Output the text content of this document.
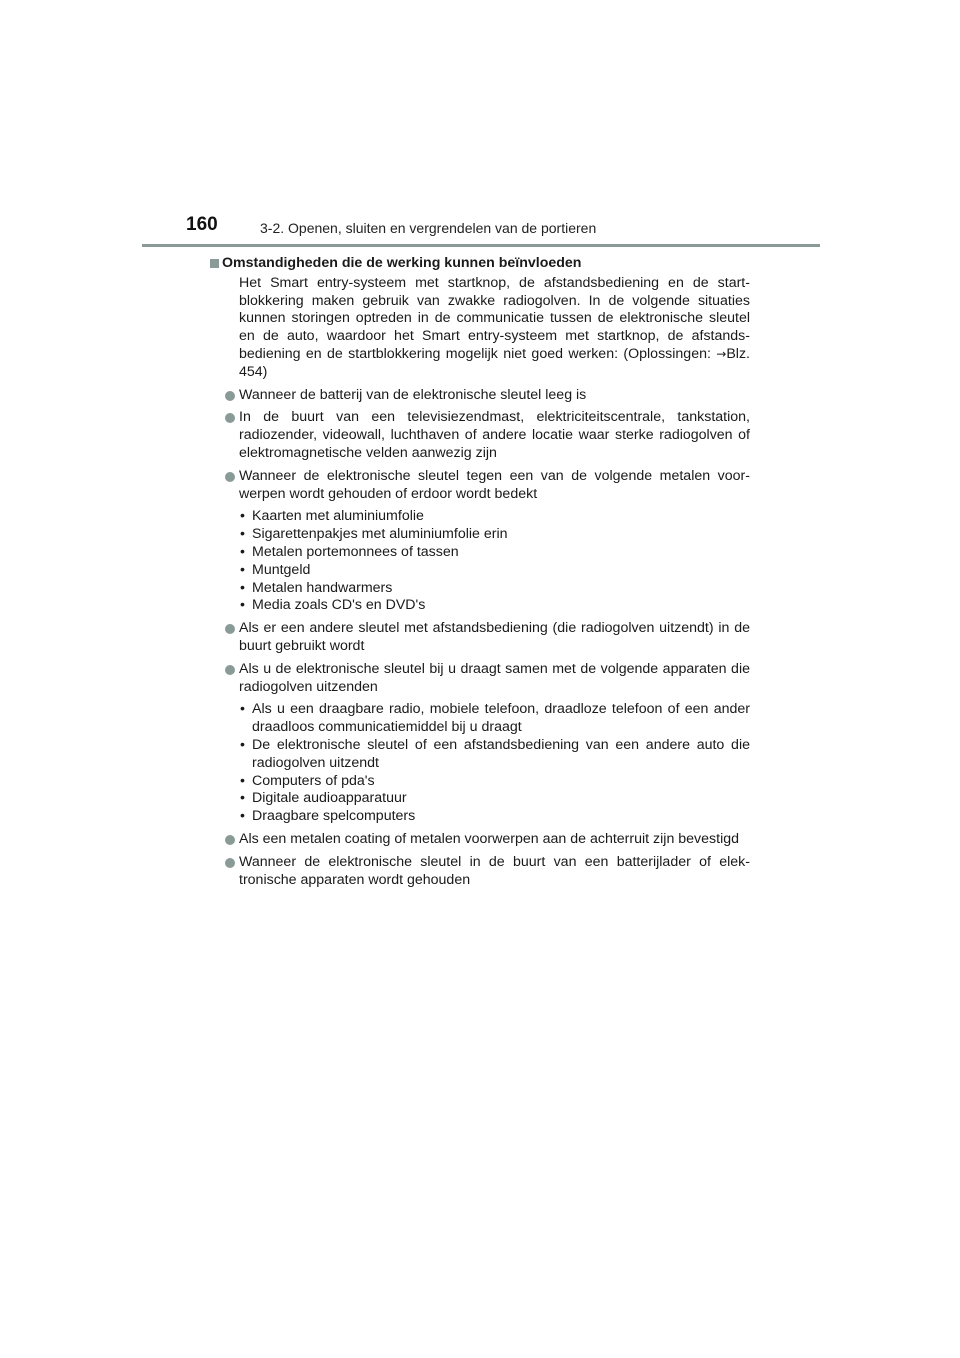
160	3-2. Openen, sluiten en vergrendelen van de portieren
Omstandigheden die de werking kunnen beïnvloeden
Het Smart entry-systeem met startknop, de afstandsbediening en de startblokkering maken gebruik van zwakke radiogolven. In de volgende situaties kunnen storingen optreden in de communicatie tussen de elektronische sleutel en de auto, waardoor het Smart entry-systeem met startknop, de afstandsbediening en de startblokkering mogelijk niet goed werken: (Oplossingen: →Blz. 454)
Wanneer de batterij van de elektronische sleutel leeg is
In de buurt van een televisiezendmast, elektriciteitscentrale, tankstation, radiozender, videowall, luchthaven of andere locatie waar sterke radiogolven of elektromagnetische velden aanwezig zijn
Wanneer de elektronische sleutel tegen een van de volgende metalen voorwerpen wordt gehouden of erdoor wordt bedekt
• Kaarten met aluminiumfolie
• Sigarettenpakjes met aluminiumfolie erin
• Metalen portemonnees of tassen
• Muntgeld
• Metalen handwarmers
• Media zoals CD's en DVD's
Als er een andere sleutel met afstandsbediening (die radiogolven uitzendt) in de buurt gebruikt wordt
Als u de elektronische sleutel bij u draagt samen met de volgende apparaten die radiogolven uitzenden
• Als u een draagbare radio, mobiele telefoon, draadloze telefoon of een ander draadloos communicatiemiddel bij u draagt
• De elektronische sleutel of een afstandsbediening van een andere auto die radiogolven uitzendt
• Computers of pda's
• Digitale audioapparatuur
• Draagbare spelcomputers
Als een metalen coating of metalen voorwerpen aan de achterruit zijn bevestigd
Wanneer de elektronische sleutel in de buurt van een batterijlader of elektronische apparaten wordt gehouden
